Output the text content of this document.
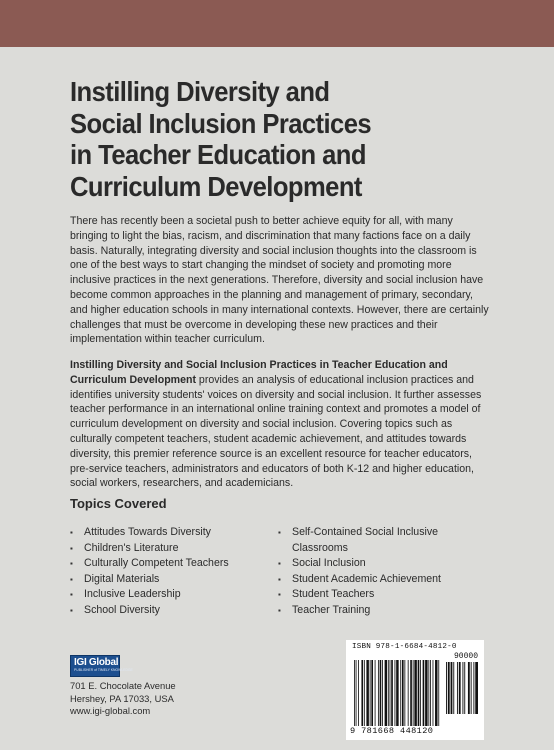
Instilling Diversity and
Social Inclusion Practices
in Teacher Education and
Curriculum Development

There has recently been a societal push to better achieve equity for all, with many bringing to light the bias, racism, and discrimination that many factions face on a daily basis. Naturally, integrating diversity and social inclusion thoughts into the classroom is one of the best ways to start changing the mindset of society and promoting more inclusive practices in the next generations. Therefore, diversity and social inclusion have become common approaches in the planning and management of primary, secondary, and higher education schools in many international contexts. However, there are certainly challenges that must be overcome in developing these new practices and their implementation within teacher curriculum.

Instilling Diversity and Social Inclusion Practices in Teacher Education and Curriculum Development provides an analysis of educational inclusion practices and identifies university students' voices on diversity and social inclusion. It further assesses teacher performance in an international online training context and promotes a model of curriculum development on diversity and social inclusion. Covering topics such as culturally competent teachers, student academic achievement, and attitudes towards diversity, this premier reference source is an excellent resource for teacher educators, pre-service teachers, administrators and educators of both K-12 and higher education, social workers, researchers, and academicians.

Topics Covered
▪ Attitudes Towards Diversity
▪ Children's Literature
▪ Culturally Competent Teachers
▪ Digital Materials
▪ Inclusive Leadership
▪ School Diversity
▪ Self-Contained Social Inclusive Classrooms
▪ Social Inclusion
▪ Student Academic Achievement
▪ Student Teachers
▪ Teacher Training
IGI Global
PUBLISHER of TIMELY KNOWLEDGE
701 E. Chocolate Avenue
Hershey, PA 17033, USA
www.igi-global.com
ISBN 978-1-6684-4812-0
90000
9 781668 448120
